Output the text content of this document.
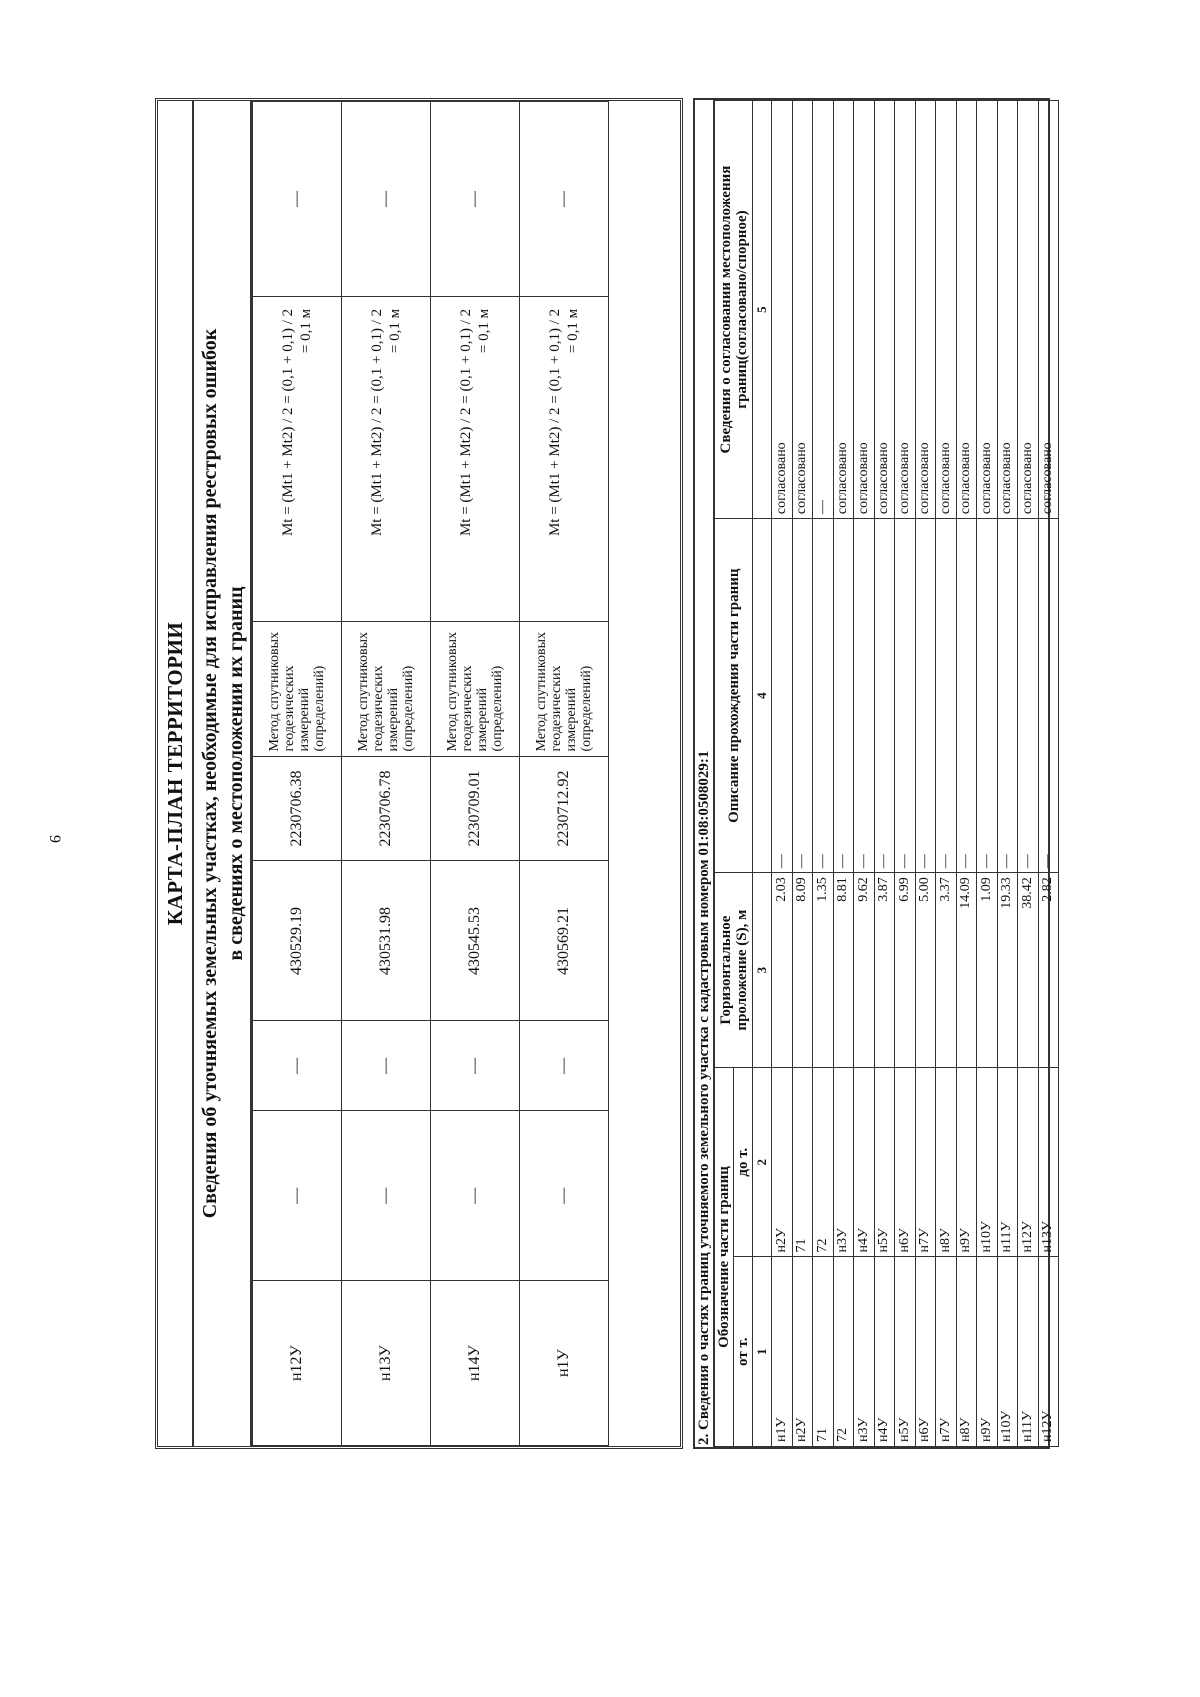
9	КАРТА-ПЛАН ТЕРРИТОРИИ Сведения об уточняемых земельных участках, необходимые для исправления реестровых ошибок в сведениях о местоположении их границ
н12У	—	—	430529.19	2230706.38	Метод спутниковых геодезических измерений (определений)	Mt = (Mt1 + Mt2) / 2 = (0,1 + 0,1) / 2 = 0,1 м	—
н13У	—	—	430531.98	2230706.78	Метод спутниковых геодезических измерений (определений)	Mt = (Mt1 + Mt2) / 2 = (0,1 + 0,1) / 2 = 0,1 м	—
н14У	—	—	430545.53	2230709.01	Метод спутниковых геодезических измерений (определений)	Mt = (Mt1 + Mt2) / 2 = (0,1 + 0,1) / 2 = 0,1 м	—
н1У	—	—	430569.21	2230712.92	Метод спутниковых геодезических измерений (определений)	Mt = (Mt1 + Mt2) / 2 = (0,1 + 0,1) / 2 = 0,1 м	—
2. Сведения о частях границ уточняемого земельного участка с кадастровым номером 01:08:0508029:1 Обозначение части границ		Горизонтальное проложение (S), м	Описание прохождения части границ	Сведения о согласовании местоположения границ(согласовано/спорное)
от т.	до т.			
1	2	3	4	5
н1У	н2У	2.03	—	согласовано
н2У	71	8.09	—	согласовано
71	72	1.35	—	—
72	н3У	8.81	—	согласовано
н3У	н4У	9.62	—	согласовано
н4У	н5У	3.87	—	согласовано
н5У	н6У	6.99	—	согласовано
н6У	н7У	5.00	—	согласовано
н7У	н8У	3.37	—	согласовано
н8У	н9У	14.09	—	согласовано
н9У	н10У	1.09	—	согласовано
н10У	н11У	19.33	—	согласовано
н11У	н12У	38.42	—	согласовано
н12У	н13У	2.82	—	согласовано
